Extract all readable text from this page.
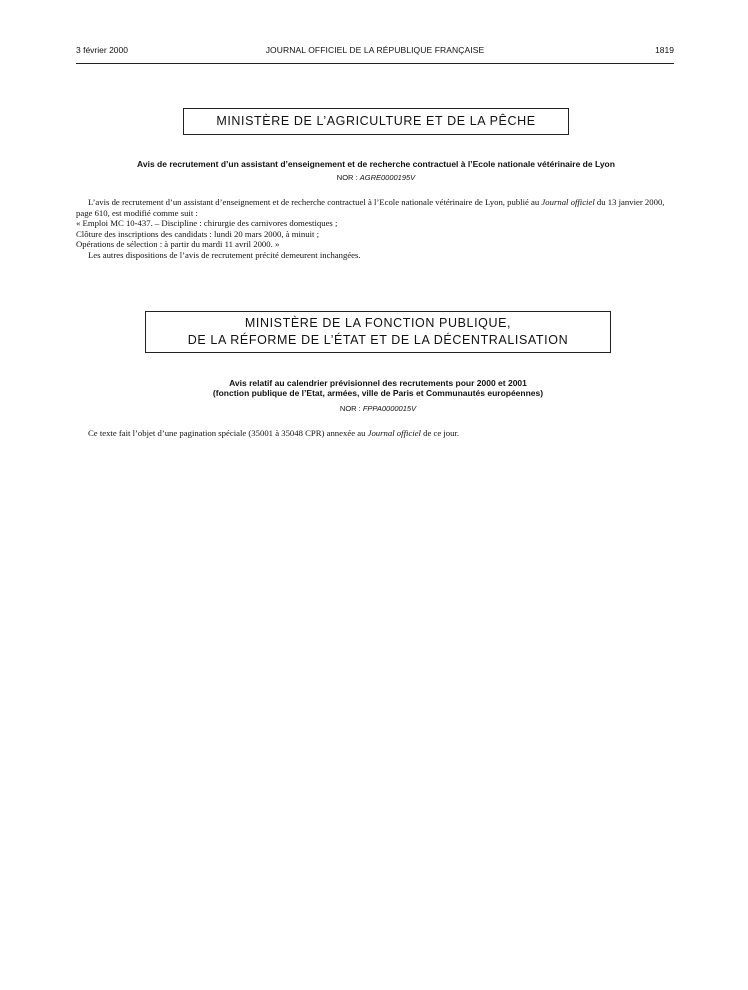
3 février 2000	JOURNAL OFFICIEL DE LA RÉPUBLIQUE FRANÇAISE	1819
MINISTÈRE DE L’AGRICULTURE ET DE LA PÊCHE
Avis de recrutement d’un assistant d’enseignement et de recherche contractuel à l’Ecole nationale vétérinaire de Lyon
NOR : AGRE0000195V

L’avis de recrutement d’un assistant d’enseignement et de recherche contractuel à l’Ecole nationale vétérinaire de Lyon, publié au Journal officiel du 13 janvier 2000, page 610, est modifié comme suit :

« Emploi MC 10-437. – Discipline : chirurgie des carnivores domestiques ;

Clôture des inscriptions des candidats : lundi 20 mars 2000, à minuit ;

Opérations de sélection : à partir du mardi 11 avril 2000. »

Les autres dispositions de l’avis de recrutement précité demeurent inchangées.

MINISTÈRE DE LA FONCTION PUBLIQUE,
DE LA RÉFORME DE L’ÉTAT ET DE LA DÉCENTRALISATION
Avis relatif au calendrier prévisionnel des recrutements pour 2000 et 2001
(fonction publique de l’Etat, armées, ville de Paris et Communautés européennes)
NOR : FPPA0000015V
Ce texte fait l’objet d’une pagination spéciale (35001 à 35048 CPR) annexée au Journal officiel de ce jour.
